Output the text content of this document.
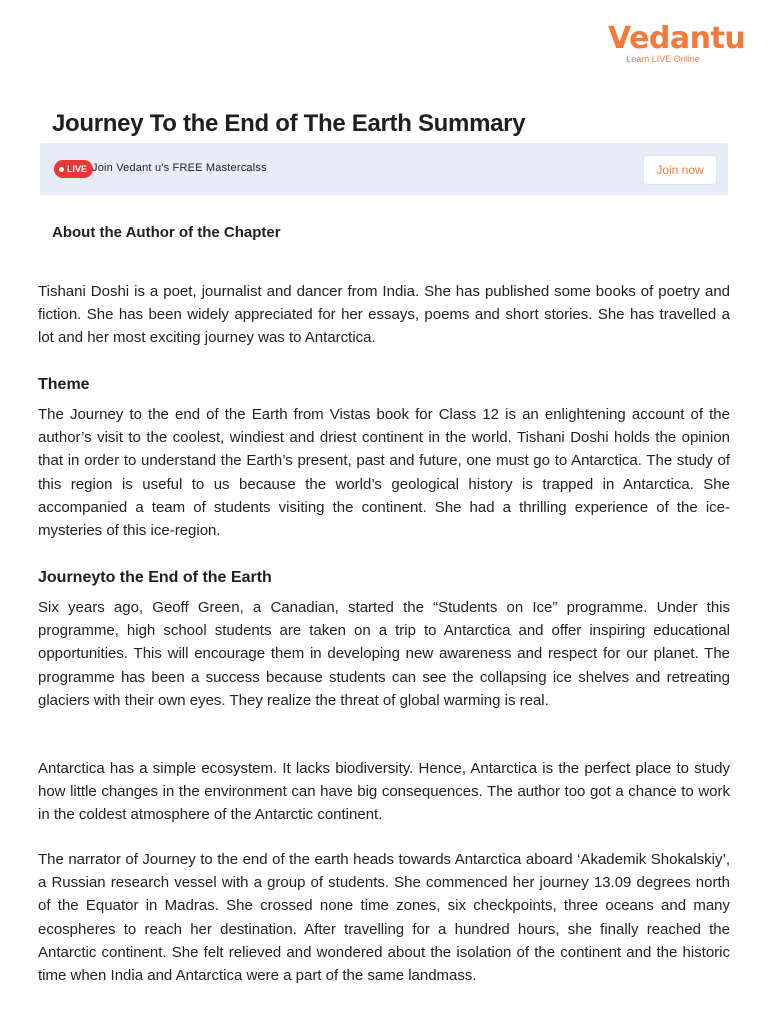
Vedantu
Learn LIVE Online
Journey To the End of The Earth Summary
LIVE Join Vedant u's FREE Mastercalss	Join now
About the Author of the Chapter

Tishani Doshi is a poet, journalist and dancer from India. She has published some books of poetry and fiction. She has been widely appreciated for her essays, poems and short stories. She has travelled a lot and her most exciting journey was to Antarctica.

Theme

The Journey to the end of the Earth from Vistas book for Class 12 is an enlightening account of the author’s visit to the coolest, windiest and driest continent in the world. Tishani Doshi holds the opinion that in order to understand the Earth’s present, past and future, one must go to Antarctica. The study of this region is useful to us because the world’s geological history is trapped in Antarctica. She accompanied a team of students visiting the continent. She had a thrilling experience of the ice-mysteries of this ice-region.

Journeyto the End of the Earth

Six years ago, Geoff Green, a Canadian, started the “Students on Ice” programme. Under this programme, high school students are taken on a trip to Antarctica and offer inspiring educational opportunities. This will encourage them in developing new awareness and respect for our planet. The programme has been a success because students can see the collapsing ice shelves and retreating glaciers with their own eyes. They realize the threat of global warming is real.

Antarctica has a simple ecosystem. It lacks biodiversity. Hence, Antarctica is the perfect place to study how little changes in the environment can have big consequences. The author too got a chance to work in the coldest atmosphere of the Antarctic continent.

The narrator of Journey to the end of the earth heads towards Antarctica aboard ‘Akademik Shokalskiy’, a Russian research vessel with a group of students. She commenced her journey 13.09 degrees north of the Equator in Madras. She crossed none time zones, six checkpoints, three oceans and many ecospheres to reach her destination. After travelling for a hundred hours, she finally reached the Antarctic continent. She felt relieved and wondered about the isolation of the continent and the historic time when India and Antarctica were a part of the same landmass.
